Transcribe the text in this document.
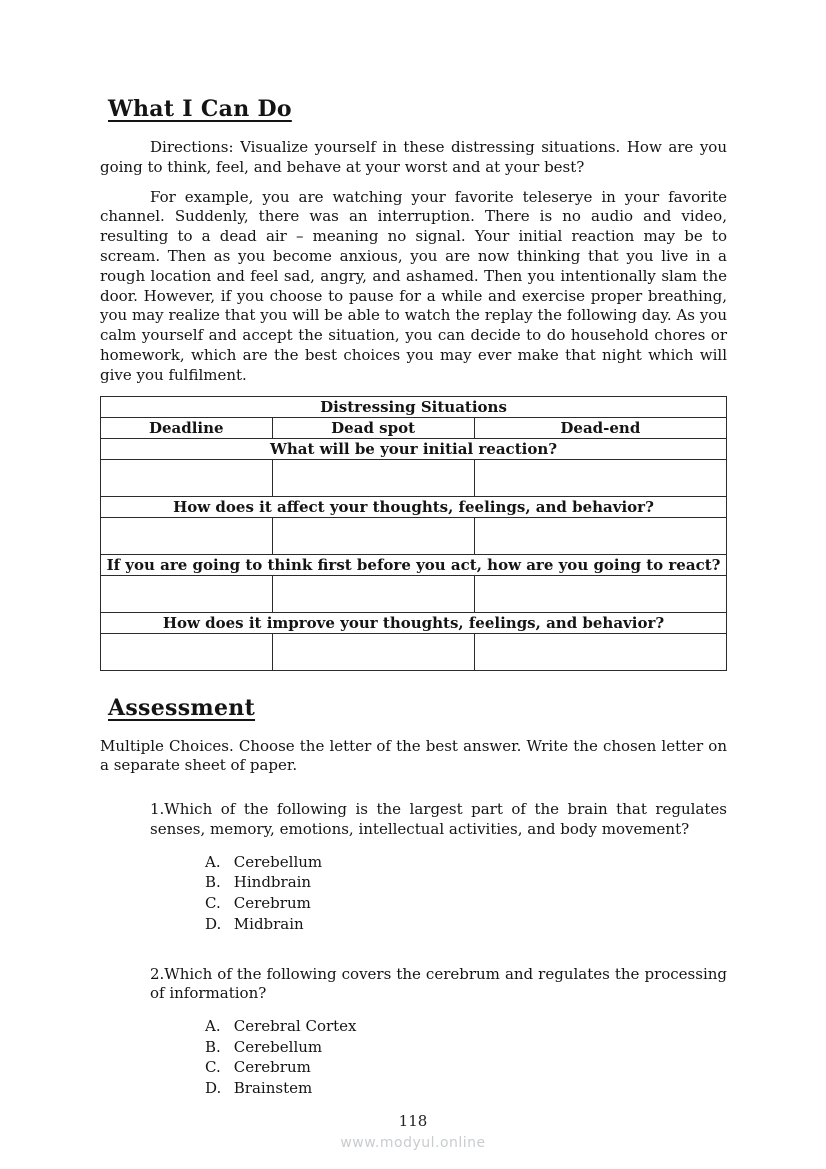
What I Can Do

Directions: Visualize yourself in these distressing situations. How are you going to think, feel, and behave at your worst and at your best?

For example, you are watching your favorite teleserye in your favorite channel. Suddenly, there was an interruption. There is no audio and video, resulting to a dead air – meaning no signal. Your initial reaction may be to scream. Then as you become anxious, you are now thinking that you live in a rough location and feel sad, angry, and ashamed. Then you intentionally slam the door. However, if you choose to pause for a while and exercise proper breathing, you may realize that you will be able to watch the replay the following day. As you calm yourself and accept the situation, you can decide to do household chores or homework, which are the best choices you may ever make that night which will give you fulfilment.

Distressing Situations		
Deadline	Dead spot	Dead-end
What will be your initial reaction?		

How does it affect your thoughts, feelings, and behavior?		

If you are going to think first before you act, how are you going to react?		

How does it improve your thoughts, feelings, and behavior?		

Assessment

Multiple Choices. Choose the letter of the best answer. Write the chosen letter on a separate sheet of paper.

1.Which of the following is the largest part of the brain that regulates senses, memory, emotions, intellectual activities, and body movement?

A. Cerebellum
B. Hindbrain
C. Cerebrum
D. Midbrain

2.Which of the following covers the cerebrum and regulates the processing of information?

A. Cerebral Cortex
B. Cerebellum
C. Cerebrum
D. Brainstem
118
www.modyul.online
